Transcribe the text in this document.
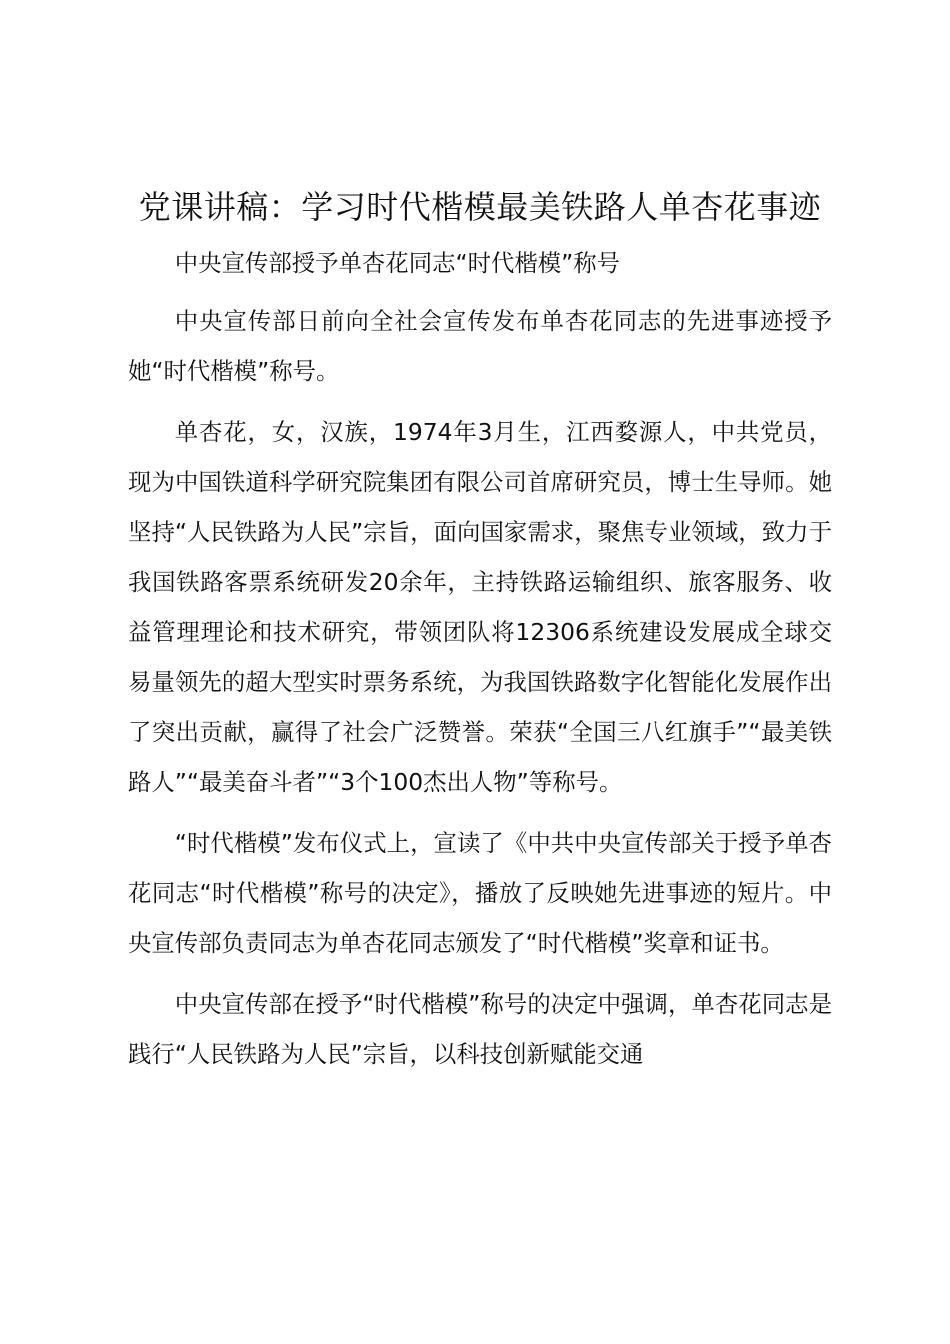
党课讲稿：学习时代楷模最美铁路人单杏花事迹

中央宣传部授予单杏花同志“时代楷模”称号

中央宣传部日前向全社会宣传发布单杏花同志的先进事迹授予她“时代楷模”称号。

单杏花，女，汉族，1974年3月生，江西婺源人，中共党员，现为中国铁道科学研究院集团有限公司首席研究员，博士生导师。她坚持“人民铁路为人民”宗旨，面向国家需求，聚焦专业领域，致力于我国铁路客票系统研发20余年，主持铁路运输组织、旅客服务、收益管理理论和技术研究，带领团队将12306系统建设发展成全球交易量领先的超大型实时票务系统，为我国铁路数字化智能化发展作出了突出贡献，赢得了社会广泛赞誉。荣获“全国三八红旗手”“最美铁路人”“最美奋斗者”“3个100杰出人物”等称号。

“时代楷模”发布仪式上，宣读了《中共中央宣传部关于授予单杏花同志“时代楷模”称号的决定》，播放了反映她先进事迹的短片。中央宣传部负责同志为单杏花同志颁发了“时代楷模”奖章和证书。

中央宣传部在授予“时代楷模”称号的决定中强调，单杏花同志是践行“人民铁路为人民”宗旨，以科技创新赋能交通
